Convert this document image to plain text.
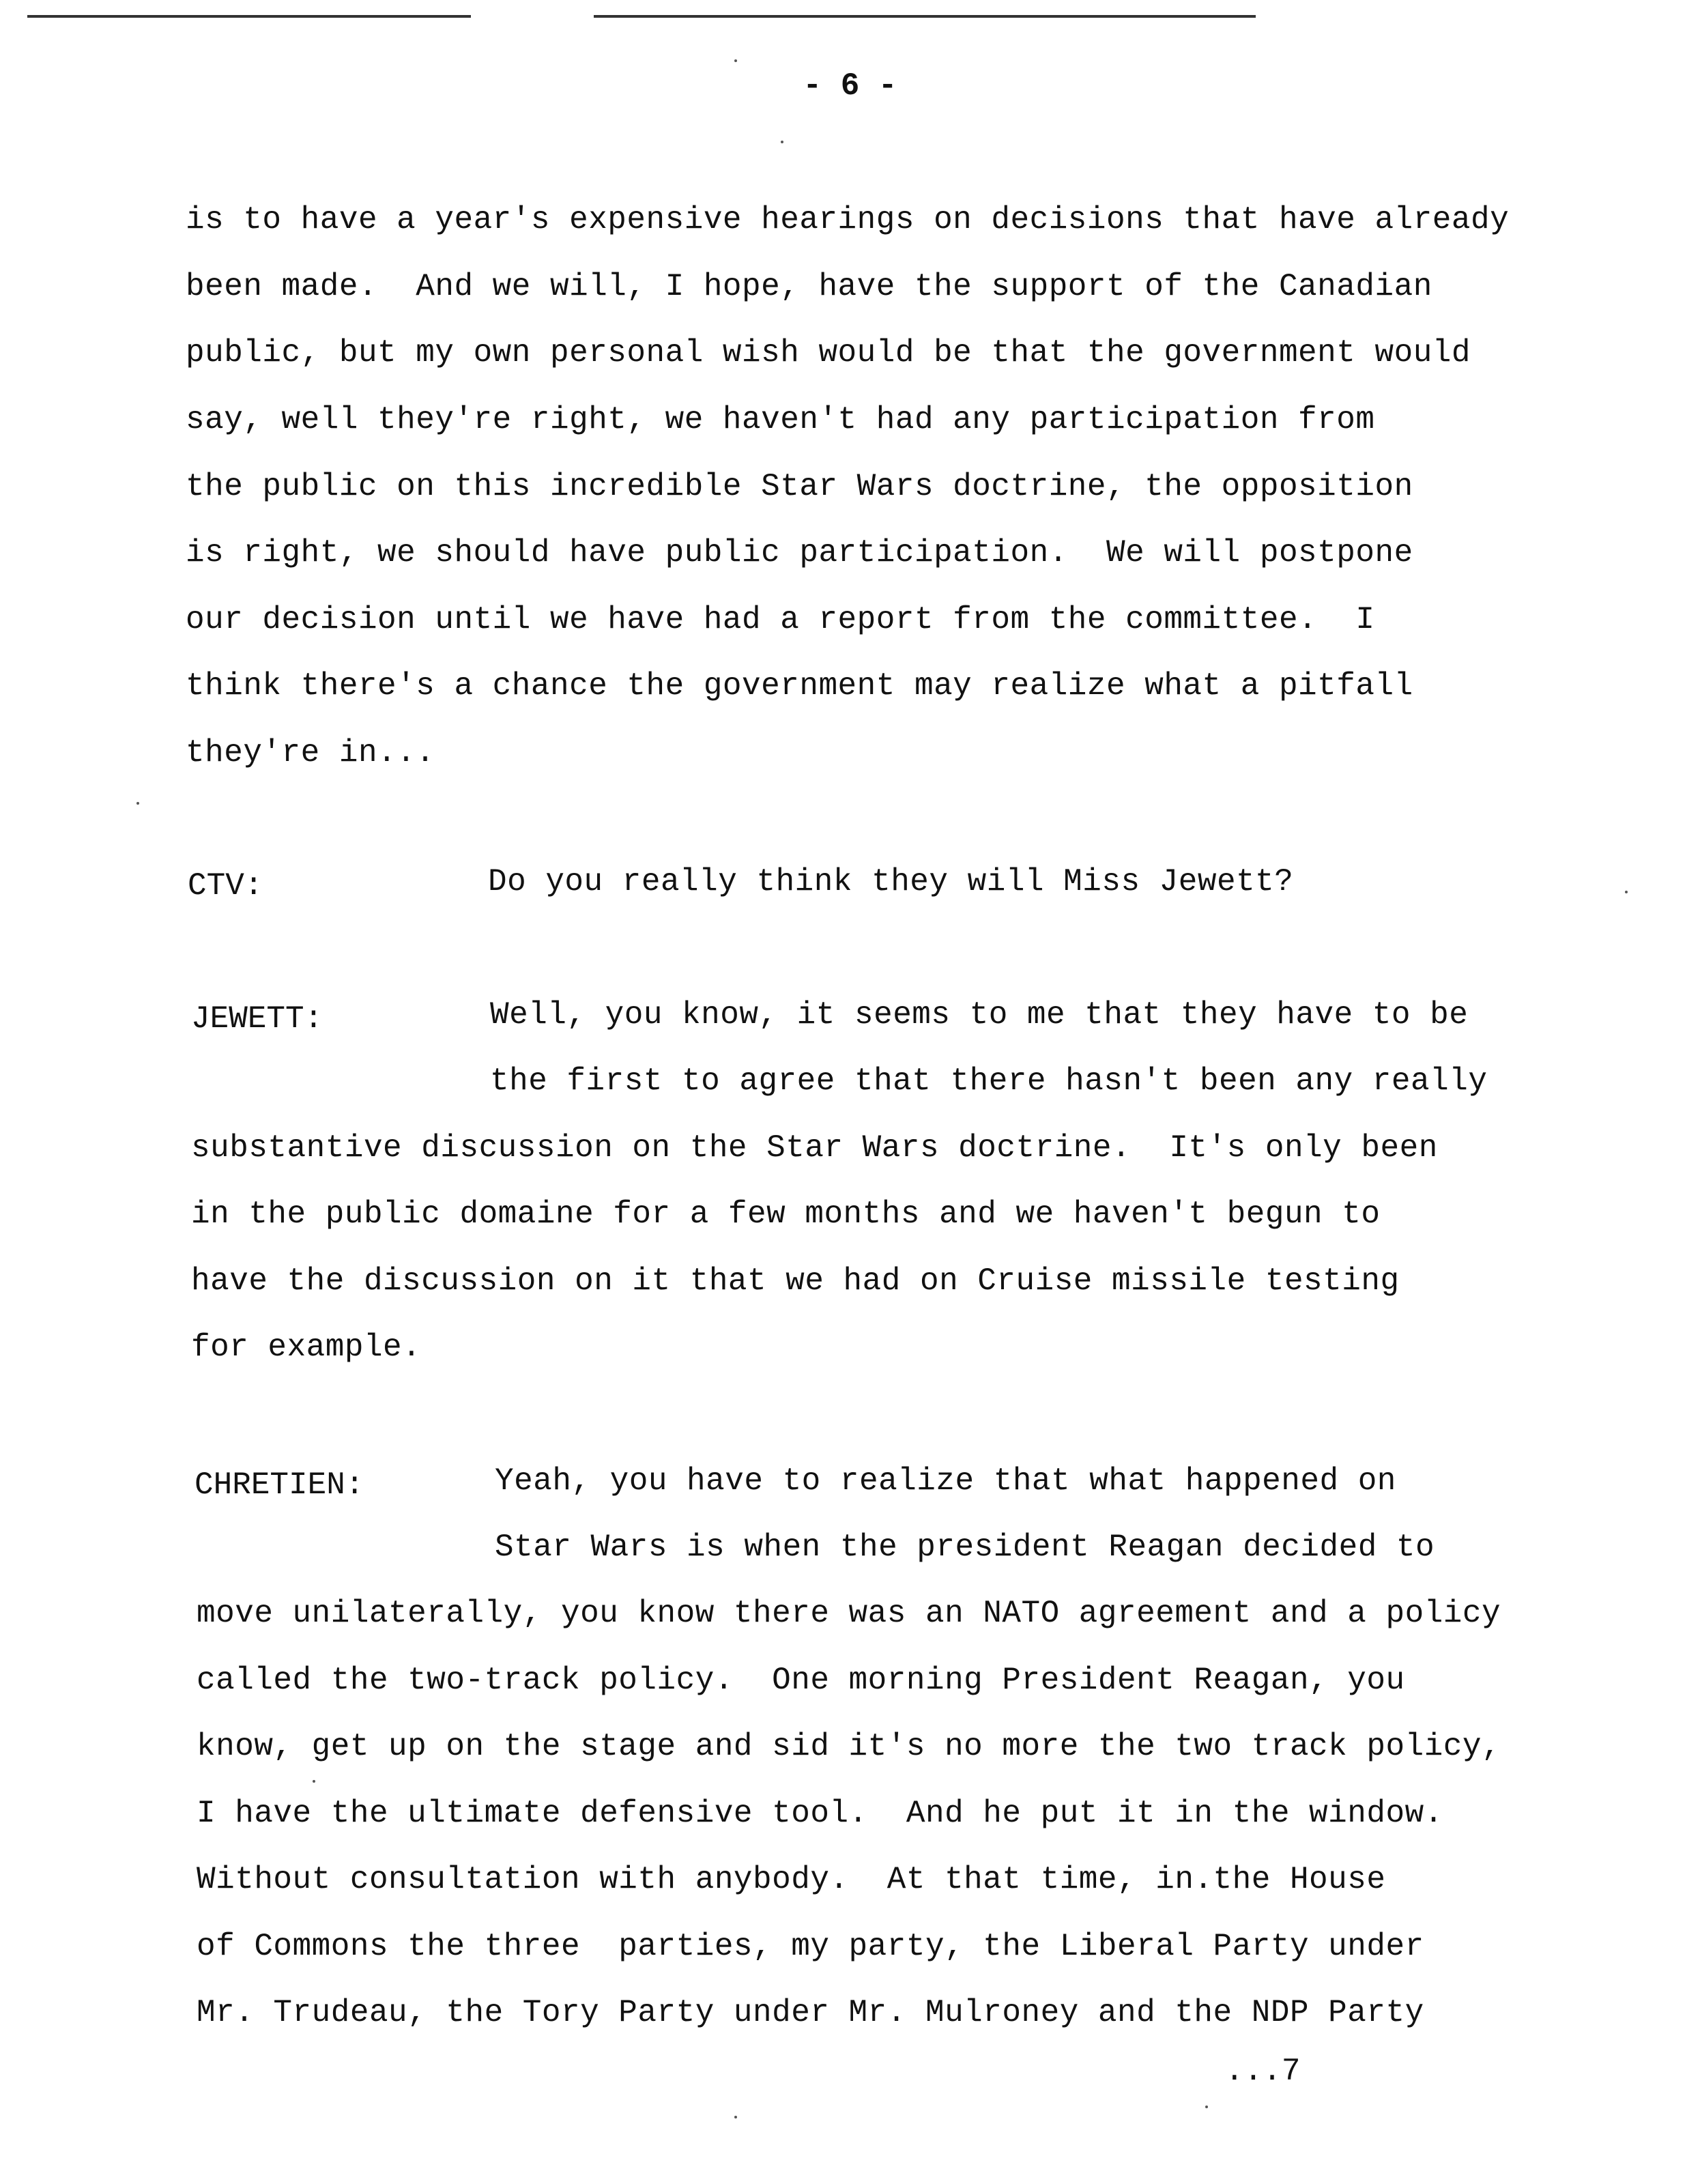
- 6 -
is to have a year's expensive hearings on decisions that have already
been made.  And we will, I hope, have the support of the Canadian
public, but my own personal wish would be that the government would
say, well they're right, we haven't had any participation from
the public on this incredible Star Wars doctrine, the opposition
is right, we should have public participation.  We will postpone
our decision until we have had a report from the committee.  I
think there's a chance the government may realize what a pitfall
they're in...
CTV:	Do you really think they will Miss Jewett?
JEWETT:	Well, you know, it seems to me that they have to be
the first to agree that there hasn't been any really
substantive discussion on the Star Wars doctrine.  It's only been
in the public domaine for a few months and we haven't begun to
have the discussion on it that we had on Cruise missile testing
for example.
CHRETIEN:	Yeah, you have to realize that what happened on
Star Wars is when the president Reagan decided to
move unilaterally, you know there was an NATO agreement and a policy
called the two-track policy.  One morning President Reagan, you
know, get up on the stage and sid it's no more the two track policy,
I have the ultimate defensive tool.  And he put it in the window.
Without consultation with anybody.  At that time, in.the House
of Commons the three  parties, my party, the Liberal Party under
Mr. Trudeau, the Tory Party under Mr. Mulroney and the NDP Party
...7
